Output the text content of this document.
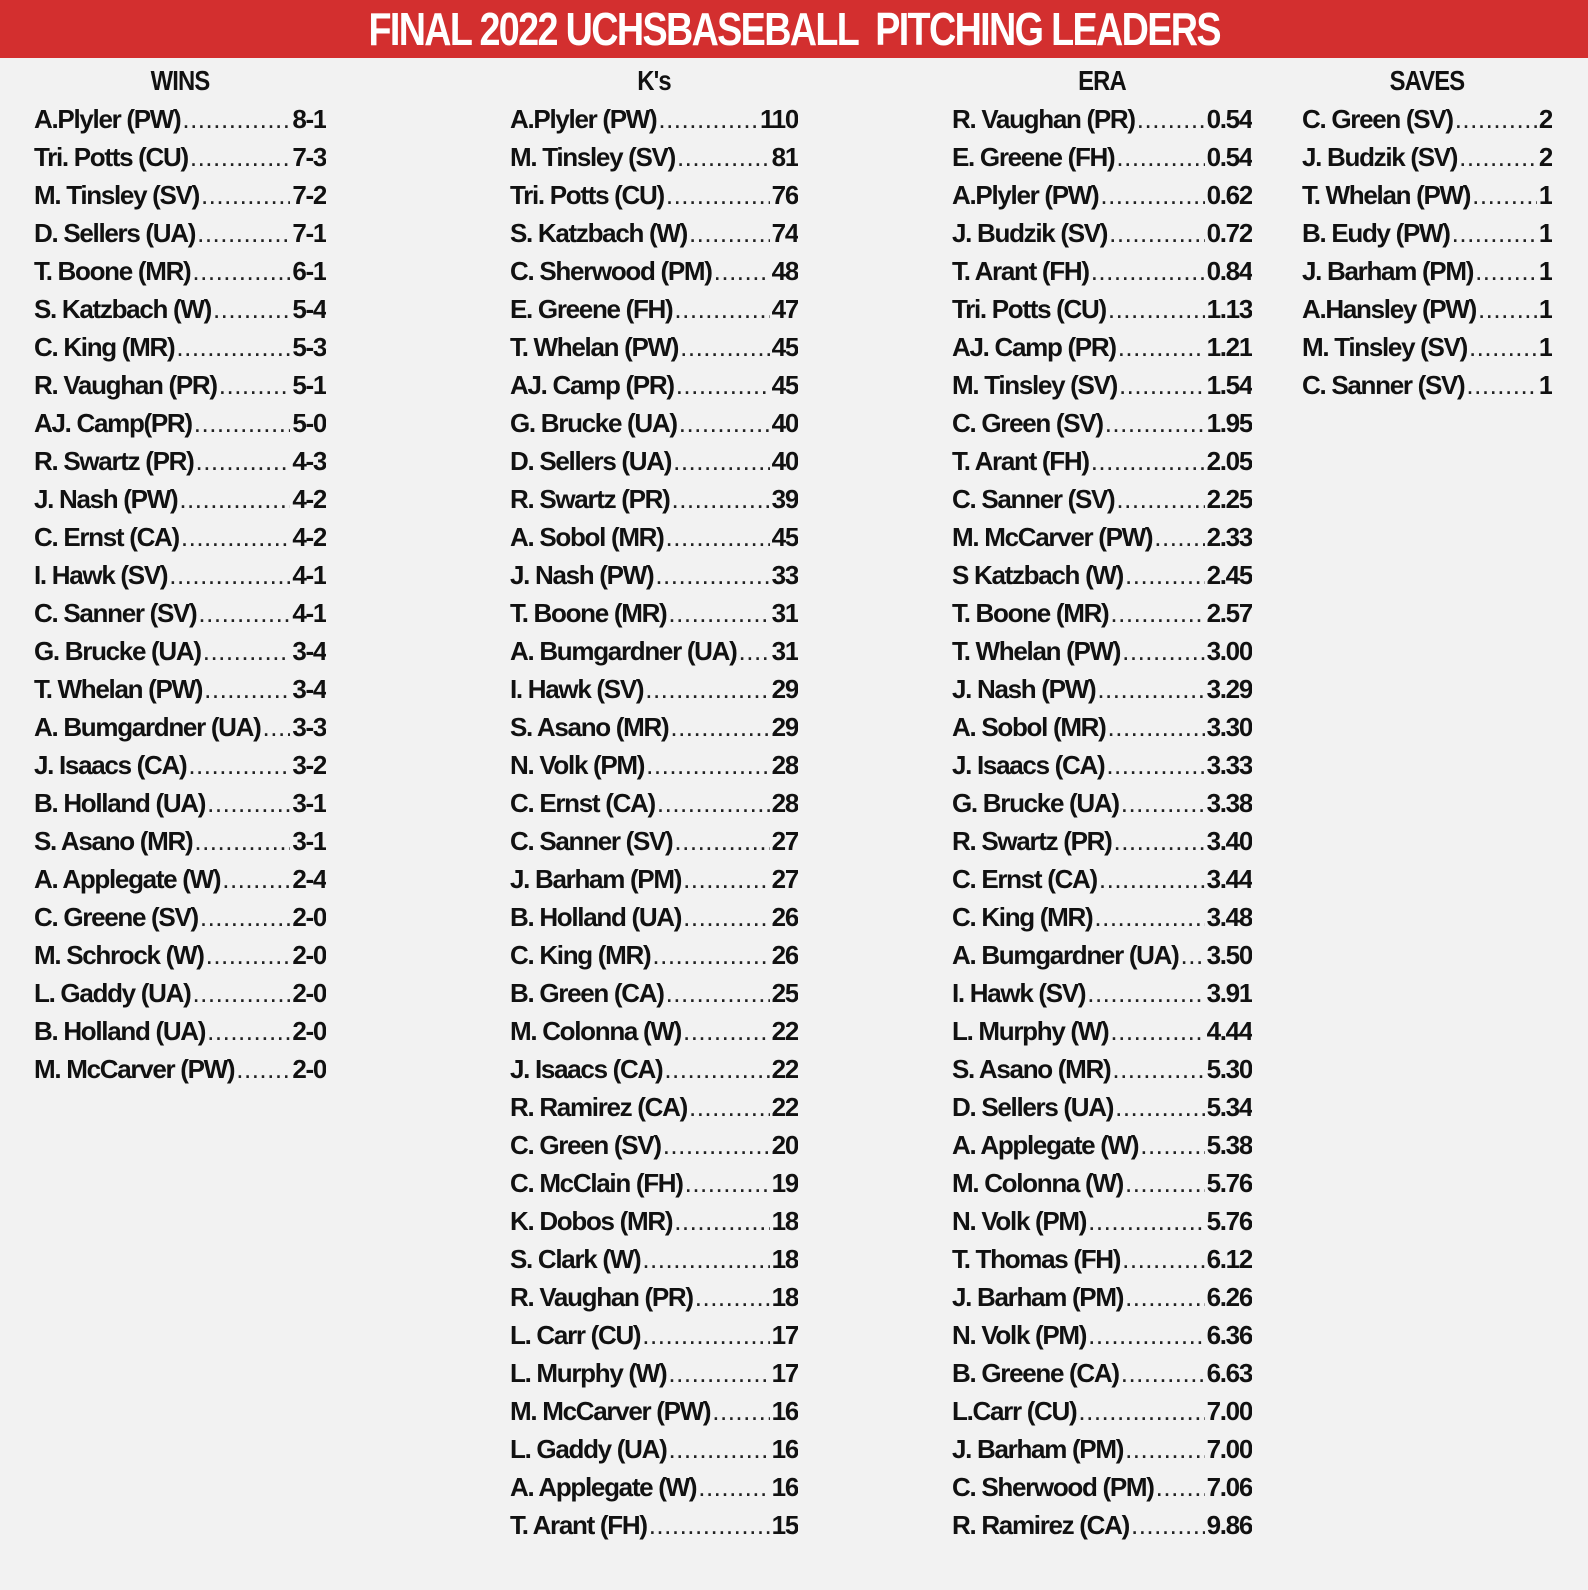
FINAL 2022 UCHSBASEBALL  PITCHING LEADERS
WINS
A.Plyler (PW) .....	8-1
Tri. Potts (CU) .....	7-3
M. Tinsley (SV) .....	7-2
D. Sellers (UA) .....	7-1
T. Boone (MR) .....	6-1
S. Katzbach (W) .....	5-4
C. King (MR) .....	5-3
R. Vaughan (PR) .....	5-1
AJ. Camp(PR) .....	5-0
R. Swartz (PR) .....	4-3
J. Nash (PW) .....	4-2
C. Ernst (CA) .....	4-2
I. Hawk (SV) .....	4-1
C. Sanner (SV) .....	4-1
G. Brucke (UA) .....	3-4
T. Whelan (PW) .....	3-4
A. Bumgardner (UA) ..... 3-3
J. Isaacs (CA) .....	3-2
B. Holland (UA) .....	3-1
S. Asano (MR) .....	3-1
A. Applegate (W) .....	2-4
C. Greene (SV) .....	2-0
M. Schrock (W) .....	2-0
L. Gaddy (UA) .....	2-0
B. Holland (UA) .....	2-0
M. McCarver (PW) ..... 2-0
K's
A.Plyler (PW) .....	110
M. Tinsley (SV) .....	81
Tri. Potts (CU) .....	76
S. Katzbach (W) .....	74
C. Sherwood (PM) ..... 48
E. Greene (FH) .....	47
T. Whelan (PW) .....	45
AJ. Camp (PR) .....	45
G. Brucke (UA) .....	40
D. Sellers (UA) .....	40
R. Swartz (PR) .....	39
A. Sobol (MR) .....	45
J. Nash (PW) .....	33
T. Boone (MR) .....	31
A. Bumgardner (UA) ..... 31
I. Hawk (SV) .....	29
S. Asano (MR) .....	29
N. Volk (PM) .....	28
C. Ernst (CA) .....	28
C. Sanner (SV) .....	27
J. Barham (PM) .....	27
B. Holland (UA) .....	26
C. King (MR) .....	26
B. Green (CA) .....	25
M. Colonna (W) .....	22
J. Isaacs (CA) .....	22
R. Ramirez (CA) .....	22
C. Green (SV) .....	20
C. McClain (FH) .....	19
K. Dobos (MR) .....	18
S. Clark (W) .....	18
R. Vaughan (PR) .....	18
L. Carr (CU) .....	17
L. Murphy (W) .....	17
M. McCarver (PW) ..... 16
L. Gaddy (UA) .....	16
A. Applegate (W) .....	16
T. Arant (FH) .....	15
ERA
R. Vaughan (PR) .....	0.54
E. Greene (FH) .....	0.54
A.Plyler (PW) .....	0.62
J. Budzik (SV) .....	0.72
T. Arant (FH) .....	0.84
Tri. Potts (CU) .....	1.13
AJ. Camp (PR) .....	1.21
M. Tinsley (SV) .....	1.54
C. Green (SV) .....	1.95
T. Arant (FH) .....	2.05
C. Sanner (SV) .....	2.25
M. McCarver (PW) ..... 2.33
S Katzbach (W) .....	2.45
T. Boone (MR) .....	2.57
T. Whelan (PW) .....	3.00
J. Nash (PW) .....	3.29
A. Sobol (MR) .....	3.30
J. Isaacs (CA) .....	3.33
G. Brucke (UA) .....	3.38
R. Swartz (PR) .....	3.40
C. Ernst (CA) .....	3.44
C. King (MR) .....	3.48
A. Bumgardner (UA) ..... 3.50
I. Hawk (SV) .....	3.91
L. Murphy (W) .....	4.44
S. Asano (MR) .....	5.30
D. Sellers (UA) .....	5.34
A. Applegate (W) .....	5.38
M. Colonna (W) .....	5.76
N. Volk (PM) .....	5.76
T. Thomas (FH) .....	6.12
J. Barham (PM) .....	6.26
N. Volk (PM) .....	6.36
B. Greene (CA) .....	6.63
L.Carr (CU) .....	7.00
J. Barham (PM) .....	7.00
C. Sherwood (PM) ..... 7.06
R. Ramirez (CA) .....	9.86
SAVES
C. Green (SV) .....	2
J. Budzik (SV) .....	2
T. Whelan (PW) .....	1
B. Eudy (PW) .....	1
J. Barham (PM) .....	1
A.Hansley (PW) ..... 1
M. Tinsley (SV) .....	1
C. Sanner (SV) .....	1
